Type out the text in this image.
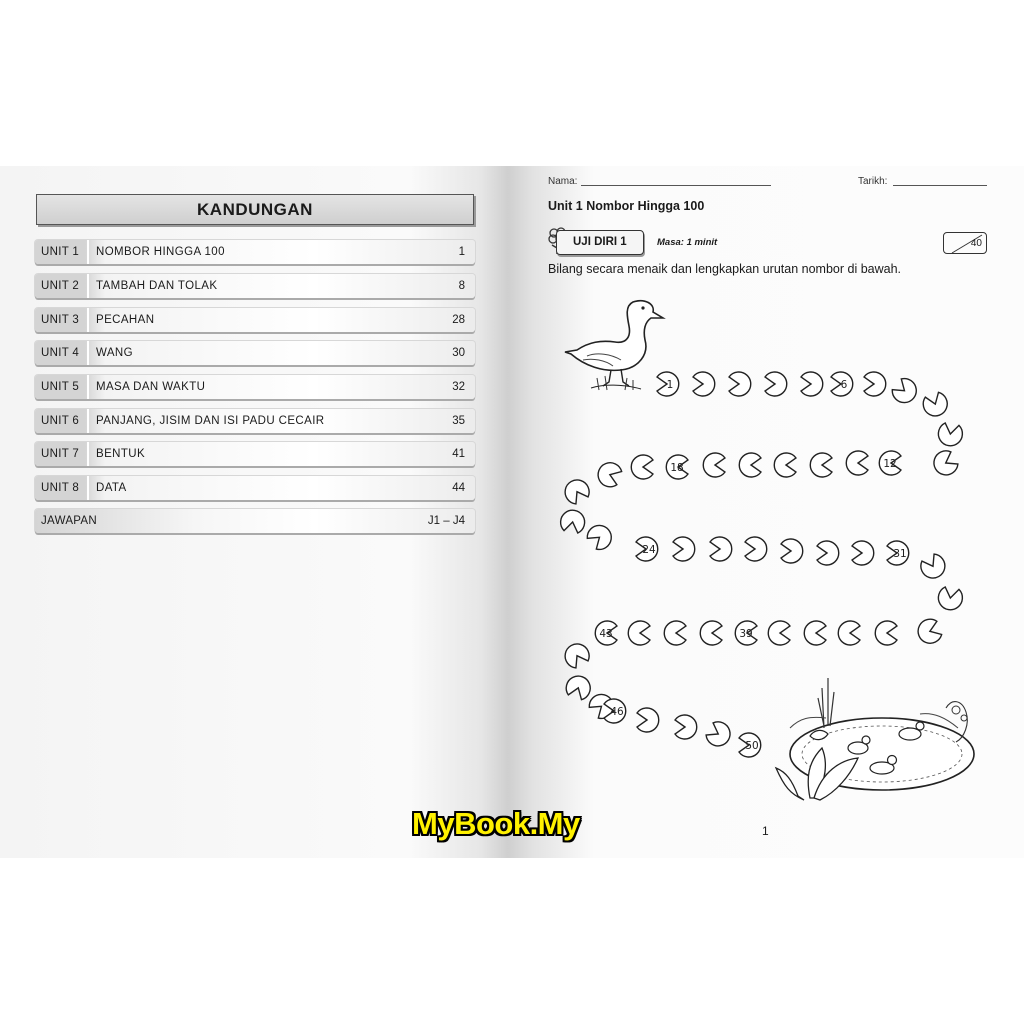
KANDUNGAN
UNIT 1 NOMBOR HINGGA 100	1
UNIT 2 TAMBAH DAN TOLAK	8
UNIT 3 PECAHAN	28
UNIT 4 WANG	30
UNIT 5 MASA DAN WAKTU	32
UNIT 6 PANJANG, JISIM DAN ISI PADU CECAIR	35
UNIT 7 BENTUK	41
UNIT 8 DATA	44
JAWAPAN	J1 – J4
Nama:	Tarikh:
Unit 1 Nombor Hingga 100
UJI DIRI 1	Masa: 1 minit	40
Bilang secara menaik dan lengkapkan urutan nombor di bawah.
1	6
12
18
24	31
39
43
46
50
1
MyBook.My
